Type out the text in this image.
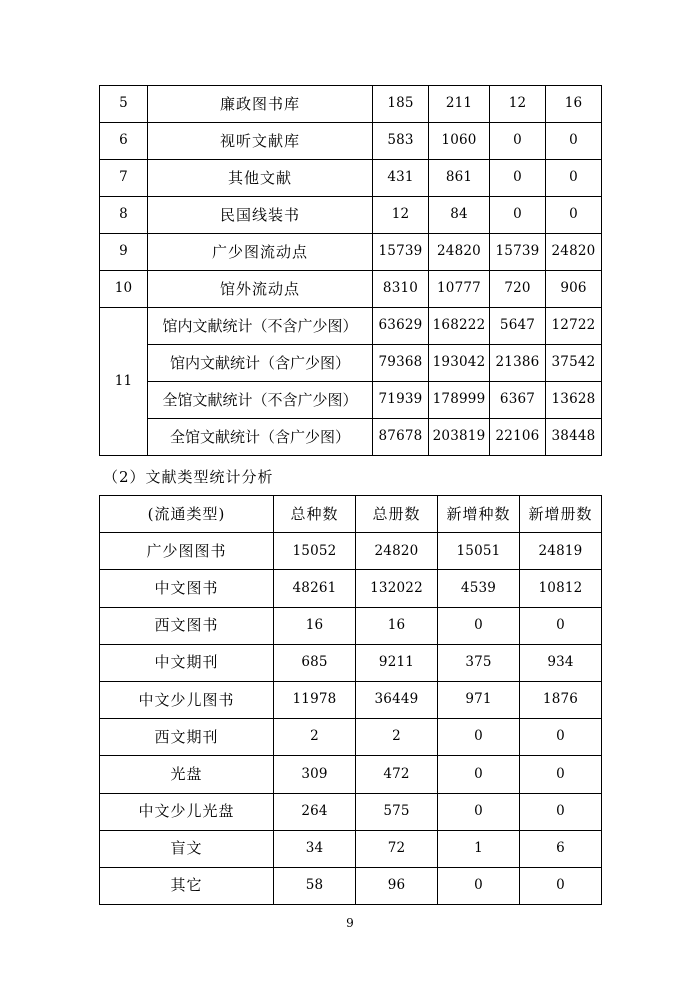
5	廉政图书库	185	211	12	16
6	视听文献库	583	1060	0	0
7	其他文献	431	861	0	0
8	民国线装书	12	84	0	0
9	广少图流动点	15739	24820	15739	24820
10	馆外流动点	8310	10777	720	906
11	馆内文献统计（不含广少图）	63629	168222	5647	12722
	馆内文献统计（含广少图）	79368	193042	21386	37542
	全馆文献统计（不含广少图）	71939	178999	6367	13628
	全馆文献统计（含广少图）	87678	203819	22106	38448
（2）文献类型统计分析
(流通类型)	总种数	总册数	新增种数	新增册数
广少图图书	15052	24820	15051	24819
中文图书	48261	132022	4539	10812
西文图书	16	16	0	0
中文期刊	685	9211	375	934
中文少儿图书	11978	36449	971	1876
西文期刊	2	2	0	0
光盘	309	472	0	0
中文少儿光盘	264	575	0	0
盲文	34	72	1	6
其它	58	96	0	0
9
